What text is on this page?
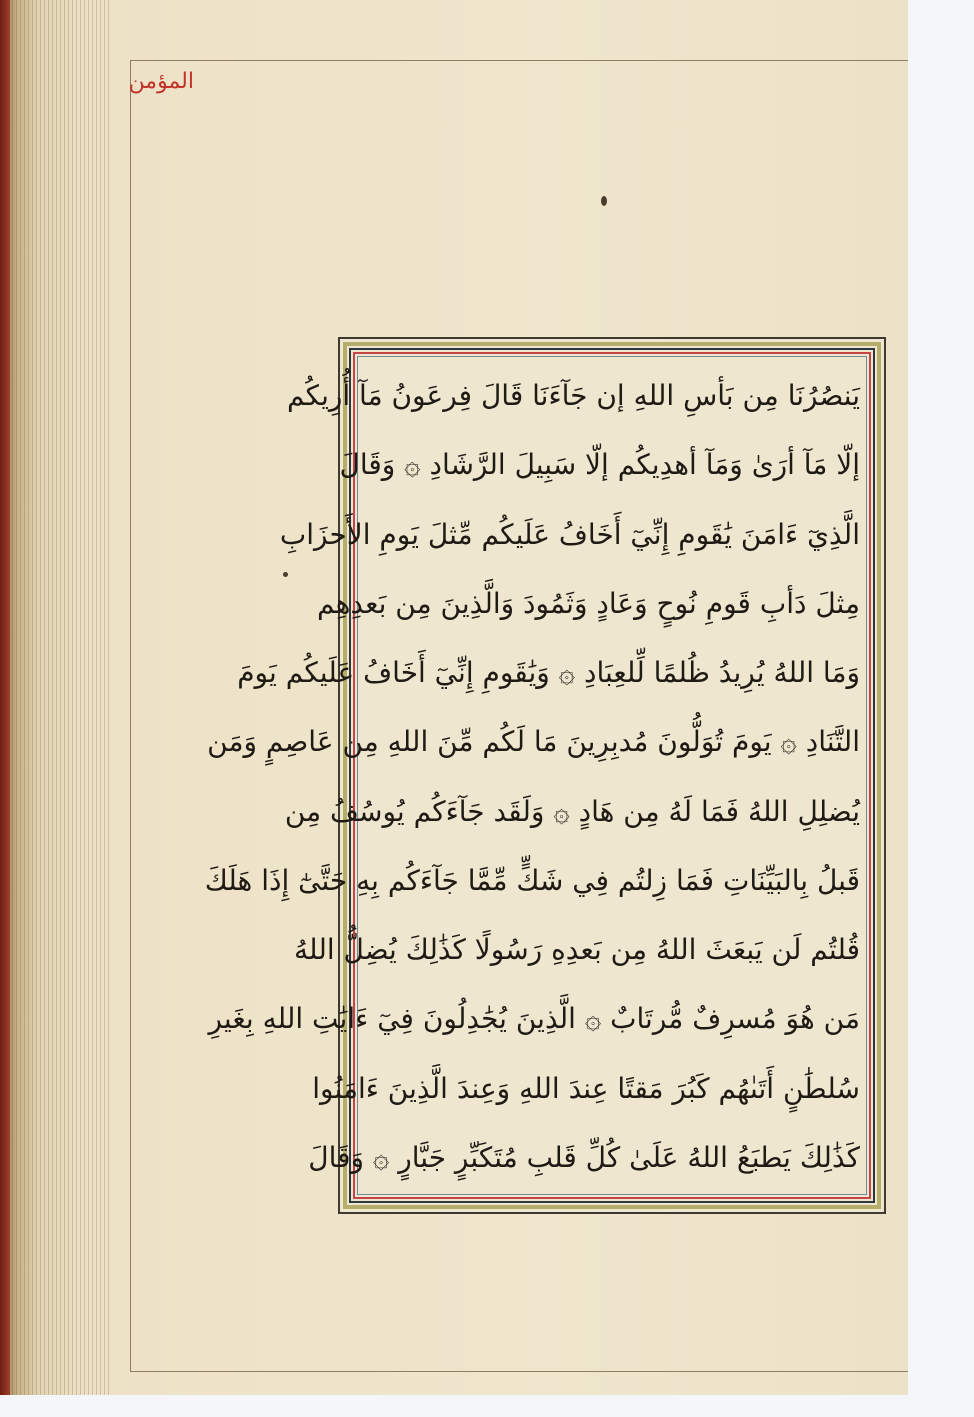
المؤمن
يَنصُرُنَا مِن بَأسِ اللهِ إن جَآءَنَا قَالَ فِرعَونُ مَآ أُرِيكُم
إلّا مَآ أرَىٰ وَمَآ أهدِيكُم إلّا سَبِيلَ الرَّشَادِ ۞ وَقَالَ
الَّذِيٓ ءَامَنَ يَٰقَومِ إِنِّيٓ أَخَافُ عَلَيكُم مِّثلَ يَومِ الأَحزَابِ
مِثلَ دَأبِ قَومِ نُوحٍ وَعَادٍ وَثَمُودَ وَالَّذِينَ مِن بَعدِهِم
وَمَا اللهُ يُرِيدُ ظُلمًا لِّلعِبَادِ ۞ وَيَٰقَومِ إِنِّيٓ أَخَافُ عَلَيكُم يَومَ
التَّنَادِ ۞ يَومَ تُوَلُّونَ مُدبِرِينَ مَا لَكُم مِّنَ اللهِ مِن عَاصِمٍ وَمَن
يُضلِلِ اللهُ فَمَا لَهُ مِن هَادٍ ۞ وَلَقَد جَآءَكُم يُوسُفُ مِن
قَبلُ بِالبَيِّنَاتِ فَمَا زِلتُم فِي شَكٍّ مِّمَّا جَآءَكُم بِهِ حَتَّىٰٓ إِذَا هَلَكَ
قُلتُم لَن يَبعَثَ اللهُ مِن بَعدِهِ رَسُولًا كَذَٰلِكَ يُضِلُّ اللهُ
مَن هُوَ مُسرِفٌ مُّرتَابٌ ۞ الَّذِينَ يُجَٰدِلُونَ فِيٓ ءَايَٰتِ اللهِ بِغَيرِ
سُلطَٰنٍ أَتَىٰهُم كَبُرَ مَقتًا عِندَ اللهِ وَعِندَ الَّذِينَ ءَامَنُوا
كَذَٰلِكَ يَطبَعُ اللهُ عَلَىٰ كُلِّ قَلبِ مُتَكَبِّرٍ جَبَّارٍ ۞ وَقَالَ
